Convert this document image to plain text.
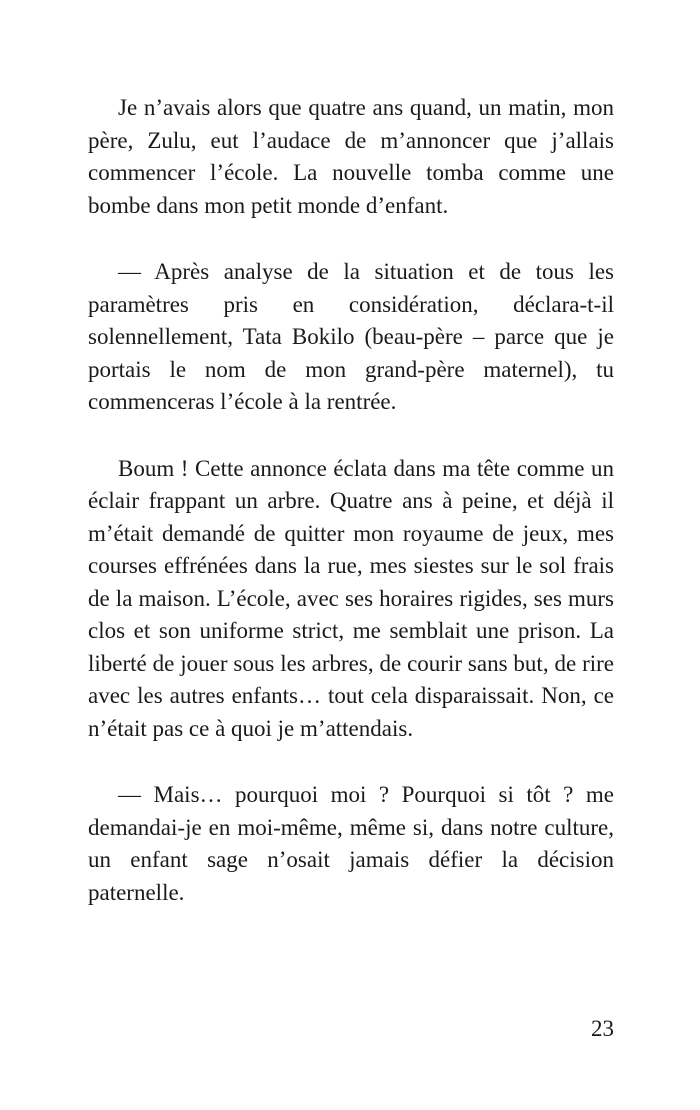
Je n’avais alors que quatre ans quand, un matin, mon père, Zulu, eut l’audace de m’annoncer que j’allais commencer l’école. La nouvelle tomba comme une bombe dans mon petit monde d’enfant.

— Après analyse de la situation et de tous les paramètres pris en considération, déclara-t-il solennellement, Tata Bokilo (beau-père – parce que je portais le nom de mon grand-père maternel), tu commenceras l’école à la rentrée.

Boum ! Cette annonce éclata dans ma tête comme un éclair frappant un arbre. Quatre ans à peine, et déjà il m’était demandé de quitter mon royaume de jeux, mes courses effrénées dans la rue, mes siestes sur le sol frais de la maison. L’école, avec ses horaires rigides, ses murs clos et son uniforme strict, me semblait une prison. La liberté de jouer sous les arbres, de courir sans but, de rire avec les autres enfants… tout cela disparaissait. Non, ce n’était pas ce à quoi je m’attendais.

— Mais… pourquoi moi ? Pourquoi si tôt ? me demandai-je en moi-même, même si, dans notre culture, un enfant sage n’osait jamais défier la décision paternelle.

23
